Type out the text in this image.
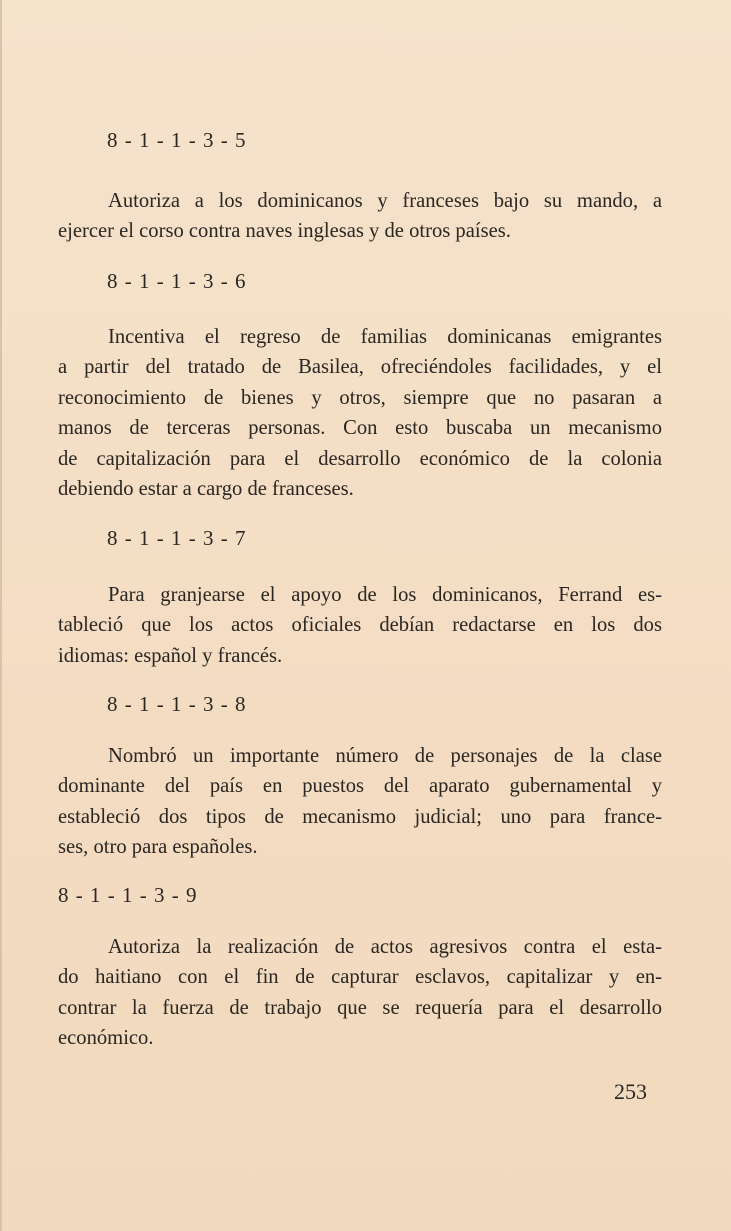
8 - 1 - 1 - 3 - 5
Autoriza a los dominicanos y franceses bajo su mando, a
ejercer el corso contra naves inglesas y de otros países.
8 - 1 - 1 - 3 - 6
Incentiva el regreso de familias dominicanas emigrantes
a partir del tratado de Basilea, ofreciéndoles facilidades, y el
reconocimiento de bienes y otros, siempre que no pasaran a
manos de terceras personas. Con esto buscaba un mecanismo
de capitalización para el desarrollo económico de la colonia
debiendo estar a cargo de franceses.
8 - 1 - 1 - 3 - 7
Para granjearse el apoyo de los dominicanos, Ferrand es-
tableció que los actos oficiales debían redactarse en los dos
idiomas: español y francés.
8 - 1 - 1 - 3 - 8
Nombró un importante número de personajes de la clase
dominante del país en puestos del aparato gubernamental y
estableció dos tipos de mecanismo judicial; uno para france-
ses, otro para españoles.
8 - 1 - 1 - 3 - 9
Autoriza la realización de actos agresivos contra el esta-
do haitiano con el fin de capturar esclavos, capitalizar y en-
contrar la fuerza de trabajo que se requería para el desarrollo
económico.
253
